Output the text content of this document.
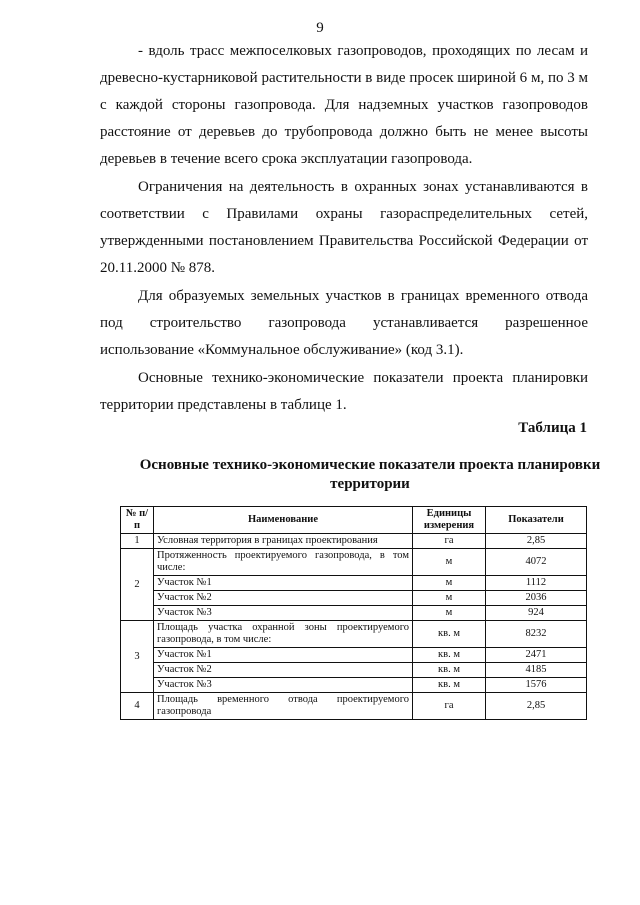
9

- вдоль трасс межпоселковых газопроводов, проходящих по лесам и древесно-кустарниковой растительности в виде просек шириной 6 м, по 3 м с каждой стороны газопровода. Для надземных участков газопроводов расстояние от деревьев до трубопровода должно быть не менее высоты деревьев в течение всего срока эксплуатации газопровода.

Ограничения на деятельность в охранных зонах устанавливаются в соответствии с Правилами охраны газораспределительных сетей, утвержденными постановлением Правительства Российской Федерации от 20.11.2000 № 878.

Для образуемых земельных участков в границах временного отвода под строительство газопровода устанавливается разрешенное использование «Коммунальное обслуживание» (код 3.1).

Основные технико-экономические показатели проекта планировки территории представлены в таблице 1.

Таблица 1
Основные технико-экономические показатели проекта планировки территории
№ п/п	Наименование	Единицы измерения	Показатели
1	Условная территория в границах проектирования	га	2,85
2	Протяженность проектируемого газопровода, в том числе:	м	4072
	Участок №1	м	1112
	Участок №2	м	2036
	Участок №3	м	924
3	Площадь участка охранной зоны проектируемого газопровода, в том числе:	кв. м	8232
	Участок №1	кв. м	2471
	Участок №2	кв. м	4185
	Участок №3	кв. м	1576
4	Площадь временного отвода проектируемого газопровода	га	2,85
